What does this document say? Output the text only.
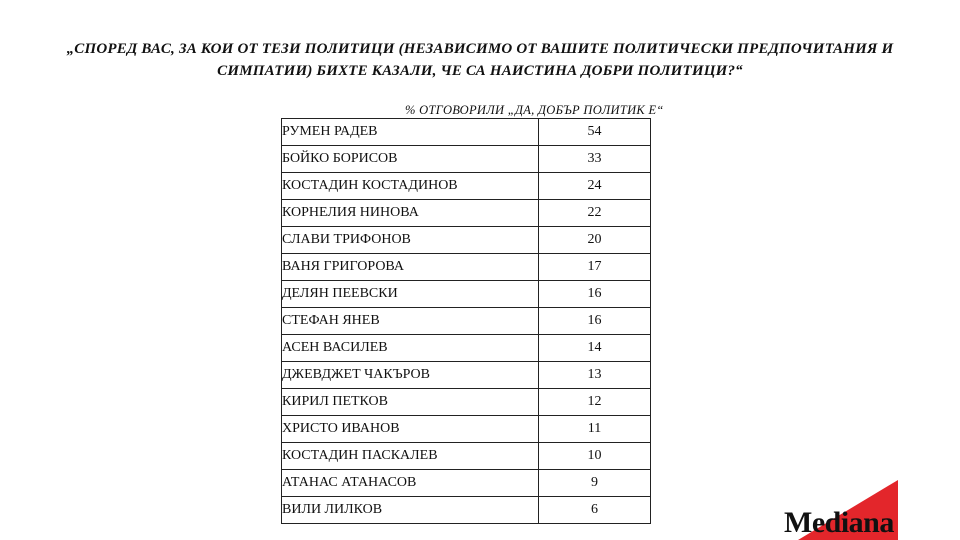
„СПОРЕД ВАС, ЗА КОИ ОТ ТЕЗИ ПОЛИТИЦИ (НЕЗАВИСИМО ОТ ВАШИТЕ ПОЛИТИЧЕСКИ ПРЕДПОЧИТАНИЯ И
СИМПАТИИ) БИХТЕ КАЗАЛИ, ЧЕ СА НАИСТИНА ДОБРИ ПОЛИТИЦИ?“
% ОТГОВОРИЛИ „ДА, ДОБЪР ПОЛИТИК Е“
РУМЕН РАДЕВ	54
БОЙКО БОРИСОВ	33
КОСТАДИН КОСТАДИНОВ	24
КОРНЕЛИЯ НИНОВА	22
СЛАВИ ТРИФОНОВ	20
ВАНЯ ГРИГОРОВА	17
ДЕЛЯН ПЕЕВСКИ	16
СТЕФАН ЯНЕВ	16
АСЕН ВАСИЛЕВ	14
ДЖЕВДЖЕТ ЧАКЪРОВ	13
КИРИЛ ПЕТКОВ	12
ХРИСТО ИВАНОВ	11
КОСТАДИН ПАСКАЛЕВ	10
АТАНАС АТАНАСОВ	9
ВИЛИ ЛИЛКОВ	6	Mediana
